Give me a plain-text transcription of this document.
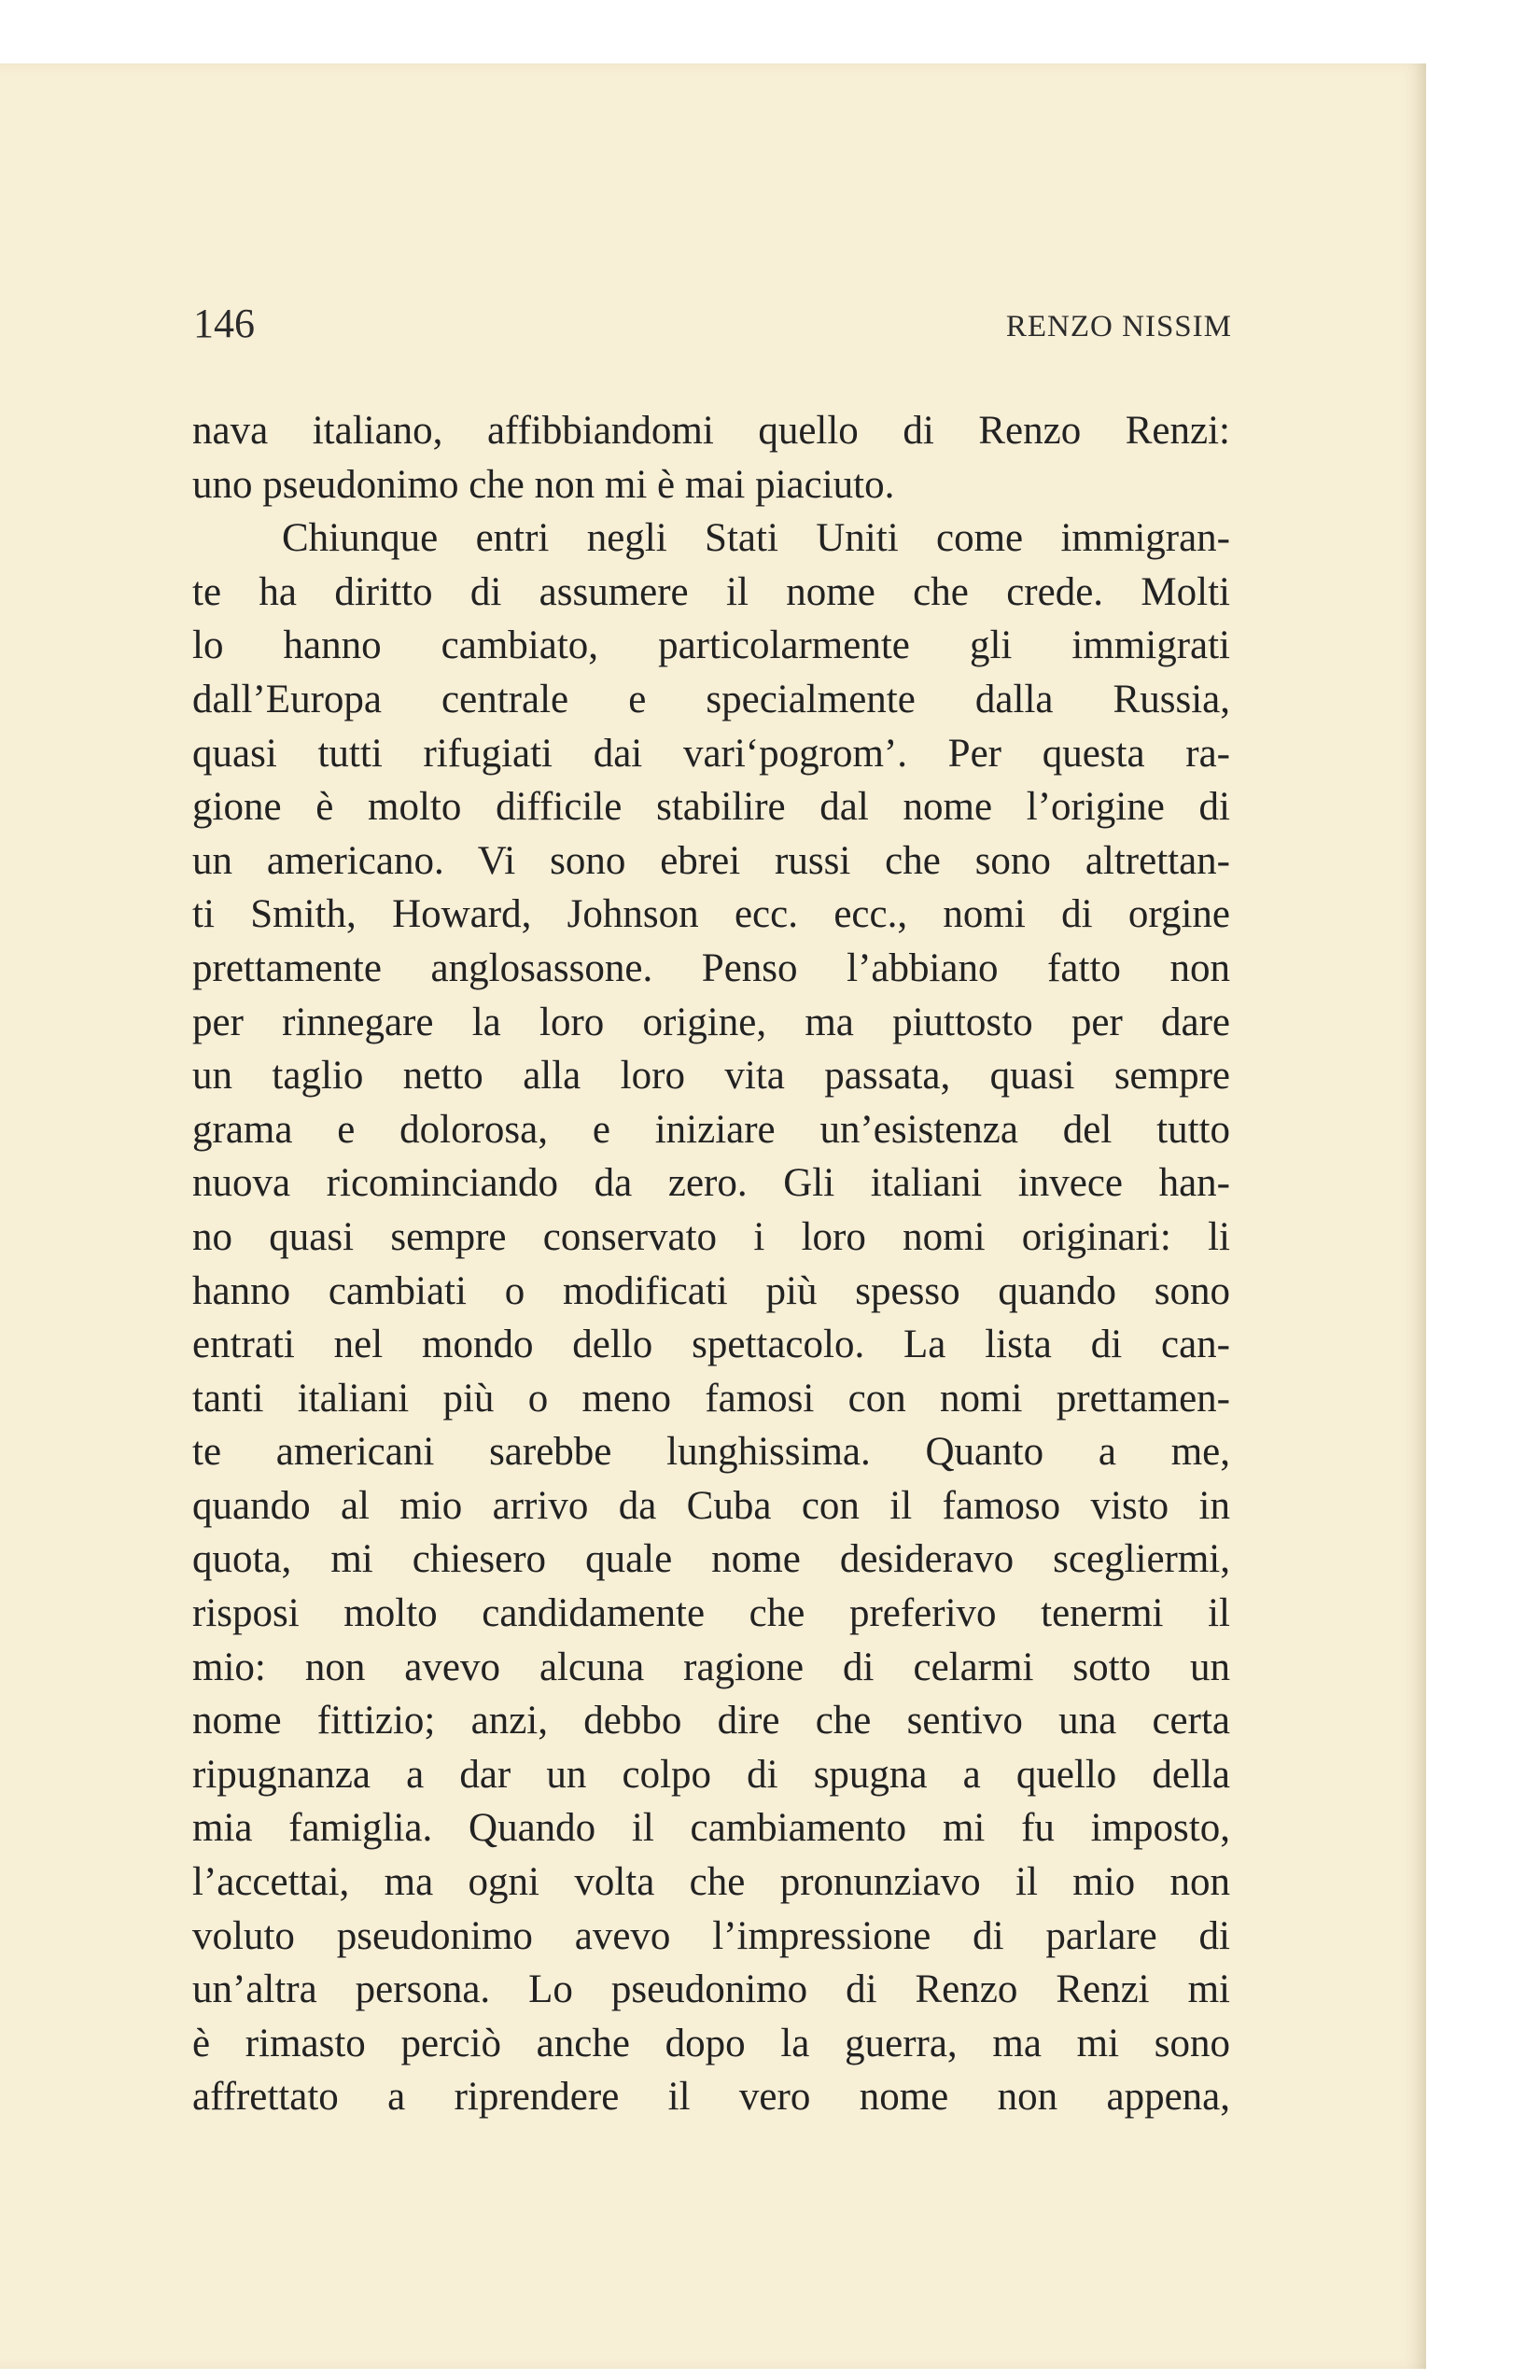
146	RENZO NISSIM
nava italiano, affibbiandomi quello di Renzo Renzi:
uno pseudonimo che non mi è mai piaciuto.
Chiunque entri negli Stati Uniti come immigran-
te ha diritto di assumere il nome che crede. Molti
lo hanno cambiato, particolarmente gli immigrati
dall’Europa centrale e specialmente dalla Russia,
quasi tutti rifugiati dai vari‘pogrom’. Per questa ra-
gione è molto difficile stabilire dal nome l’origine di
un americano. Vi sono ebrei russi che sono altrettan-
ti Smith, Howard, Johnson ecc. ecc., nomi di orgine
prettamente anglosassone. Penso l’abbiano fatto non
per rinnegare la loro origine, ma piuttosto per dare
un taglio netto alla loro vita passata, quasi sempre
grama e dolorosa, e iniziare un’esistenza del tutto
nuova ricominciando da zero. Gli italiani invece han-
no quasi sempre conservato i loro nomi originari: li
hanno cambiati o modificati più spesso quando sono
entrati nel mondo dello spettacolo. La lista di can-
tanti italiani più o meno famosi con nomi prettamen-
te americani sarebbe lunghissima. Quanto a me,
quando al mio arrivo da Cuba con il famoso visto in
quota, mi chiesero quale nome desideravo scegliermi,
risposi molto candidamente che preferivo tenermi il
mio: non avevo alcuna ragione di celarmi sotto un
nome fittizio; anzi, debbo dire che sentivo una certa
ripugnanza a dar un colpo di spugna a quello della
mia famiglia. Quando il cambiamento mi fu imposto,
l’accettai, ma ogni volta che pronunziavo il mio non
voluto pseudonimo avevo l’impressione di parlare di
un’altra persona. Lo pseudonimo di Renzo Renzi mi
è rimasto perciò anche dopo la guerra, ma mi sono
affrettato a riprendere il vero nome non appena,
